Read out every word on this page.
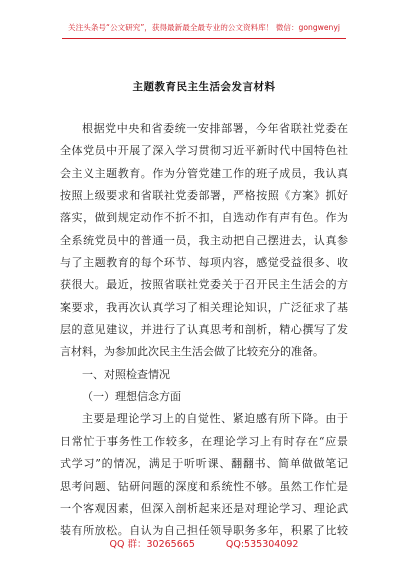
关注头条号“公文研究”，获得最新最全最专业的公文资料库！ 微信：gongwenyj
主题教育民主生活会发言材料
根据党中央和省委统一安排部署，今年省联社党委在
全体党员中开展了深入学习贯彻习近平新时代中国特色社
会主义主题教育。作为分管党建工作的班子成员，我认真
按照上级要求和省联社党委部署，严格按照《方案》抓好
落实，做到规定动作不折不扣，自选动作有声有色。作为
全系统党员中的普通一员，我主动把自己摆进去，认真参
与了主题教育的每个环节、每项内容，感觉受益很多、收
获很大。最近，按照省联社党委关于召开民主生活会的方
案要求，我再次认真学习了相关理论知识，广泛征求了基
层的意见建议，并进行了认真思考和剖析，精心撰写了发
言材料，为参加此次民主生活会做了比较充分的准备。
一、对照检查情况
（一）理想信念方面
主要是理论学习上的自觉性、紧迫感有所下降。由于
日常忙于事务性工作较多，在理论学习上有时存在“应景
式学习”的情况，满足于听听课、翻翻书、简单做做笔记
思考问题、钻研问题的深度和系统性不够。虽然工作忙是
一个客观因素，但深入剖析起来还是对理论学习、理论武
装有所放松。自认为自己担任领导职务多年，积累了比较
QQ 群：30265665	QQ:535304092
